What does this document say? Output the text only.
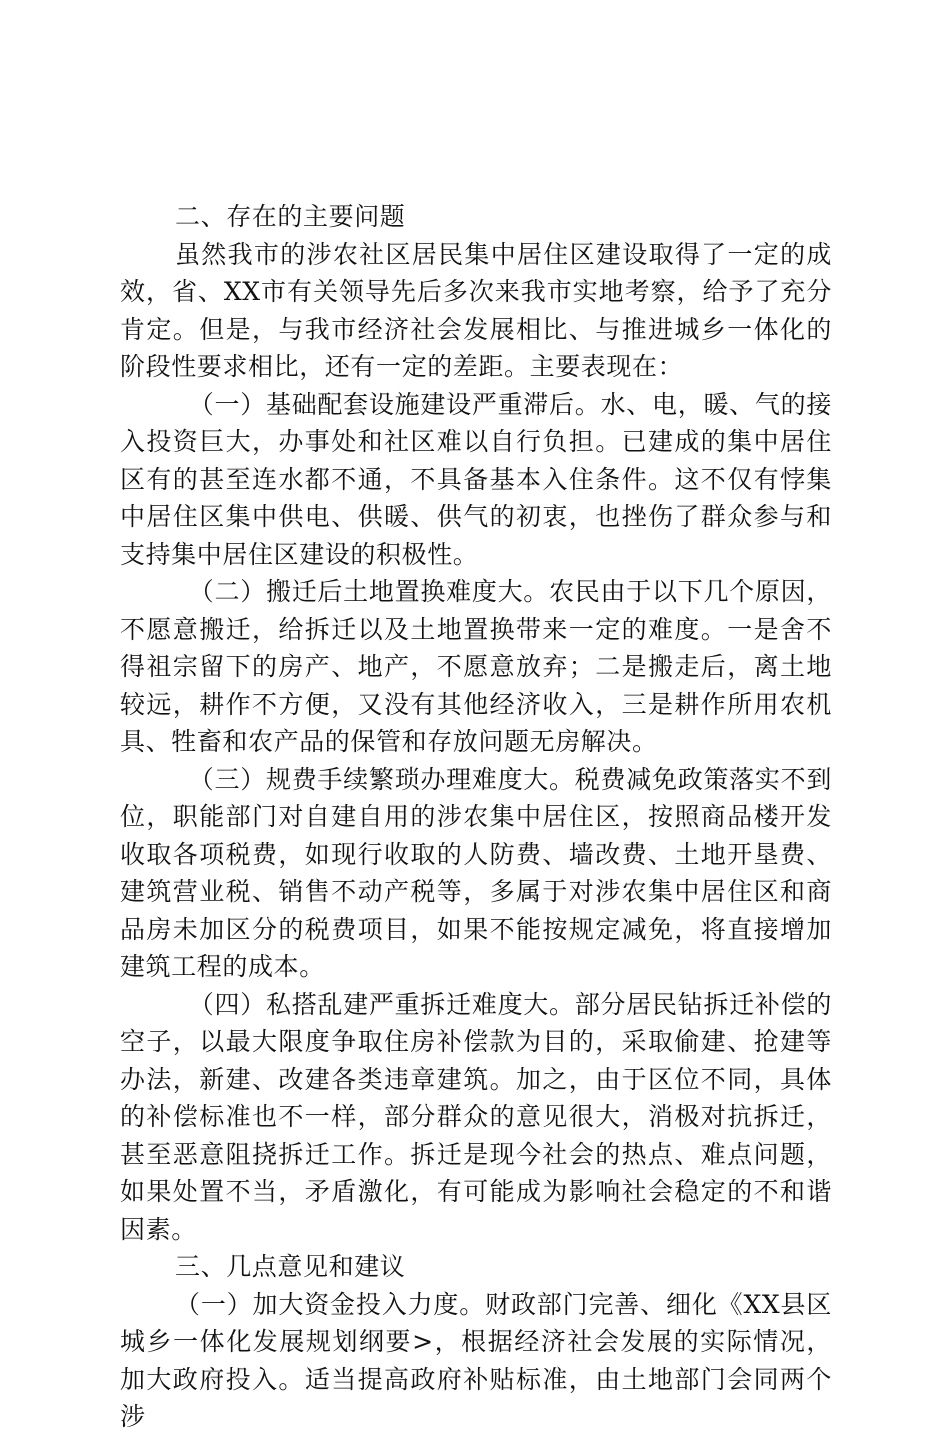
二、存在的主要问题

虽然我市的涉农社区居民集中居住区建设取得了一定的成效，省、XX市有关领导先后多次来我市实地考察，给予了充分肯定。但是，与我市经济社会发展相比、与推进城乡一体化的阶段性要求相比，还有一定的差距。主要表现在：

（一）基础配套设施建设严重滞后。水、电，暖、气的接入投资巨大，办事处和社区难以自行负担。已建成的集中居住区有的甚至连水都不通，不具备基本入住条件。这不仅有悖集中居住区集中供电、供暖、供气的初衷，也挫伤了群众参与和支持集中居住区建设的积极性。

（二）搬迁后土地置换难度大。农民由于以下几个原因，不愿意搬迁，给拆迁以及土地置换带来一定的难度。一是舍不得祖宗留下的房产、地产，不愿意放弃；二是搬走后，离土地较远，耕作不方便，又没有其他经济收入，三是耕作所用农机具、牲畜和农产品的保管和存放问题无房解决。

（三）规费手续繁琐办理难度大。税费减免政策落实不到位，职能部门对自建自用的涉农集中居住区，按照商品楼开发收取各项税费，如现行收取的人防费、墙改费、土地开垦费、建筑营业税、销售不动产税等，多属于对涉农集中居住区和商品房未加区分的税费项目，如果不能按规定减免，将直接增加建筑工程的成本。

（四）私搭乱建严重拆迁难度大。部分居民钻拆迁补偿的空子，以最大限度争取住房补偿款为目的，采取偷建、抢建等办法，新建、改建各类违章建筑。加之，由于区位不同，具体的补偿标准也不一样，部分群众的意见很大，消极对抗拆迁，甚至恶意阻挠拆迁工作。拆迁是现今社会的热点、难点问题，如果处置不当，矛盾激化，有可能成为影响社会稳定的不和谐因素。

三、几点意见和建议

（一）加大资金投入力度。财政部门完善、细化《XX县区城乡一体化发展规划纲要>，根据经济社会发展的实际情况，加大政府投入。适当提高政府补贴标准，由土地部门会同两个涉
